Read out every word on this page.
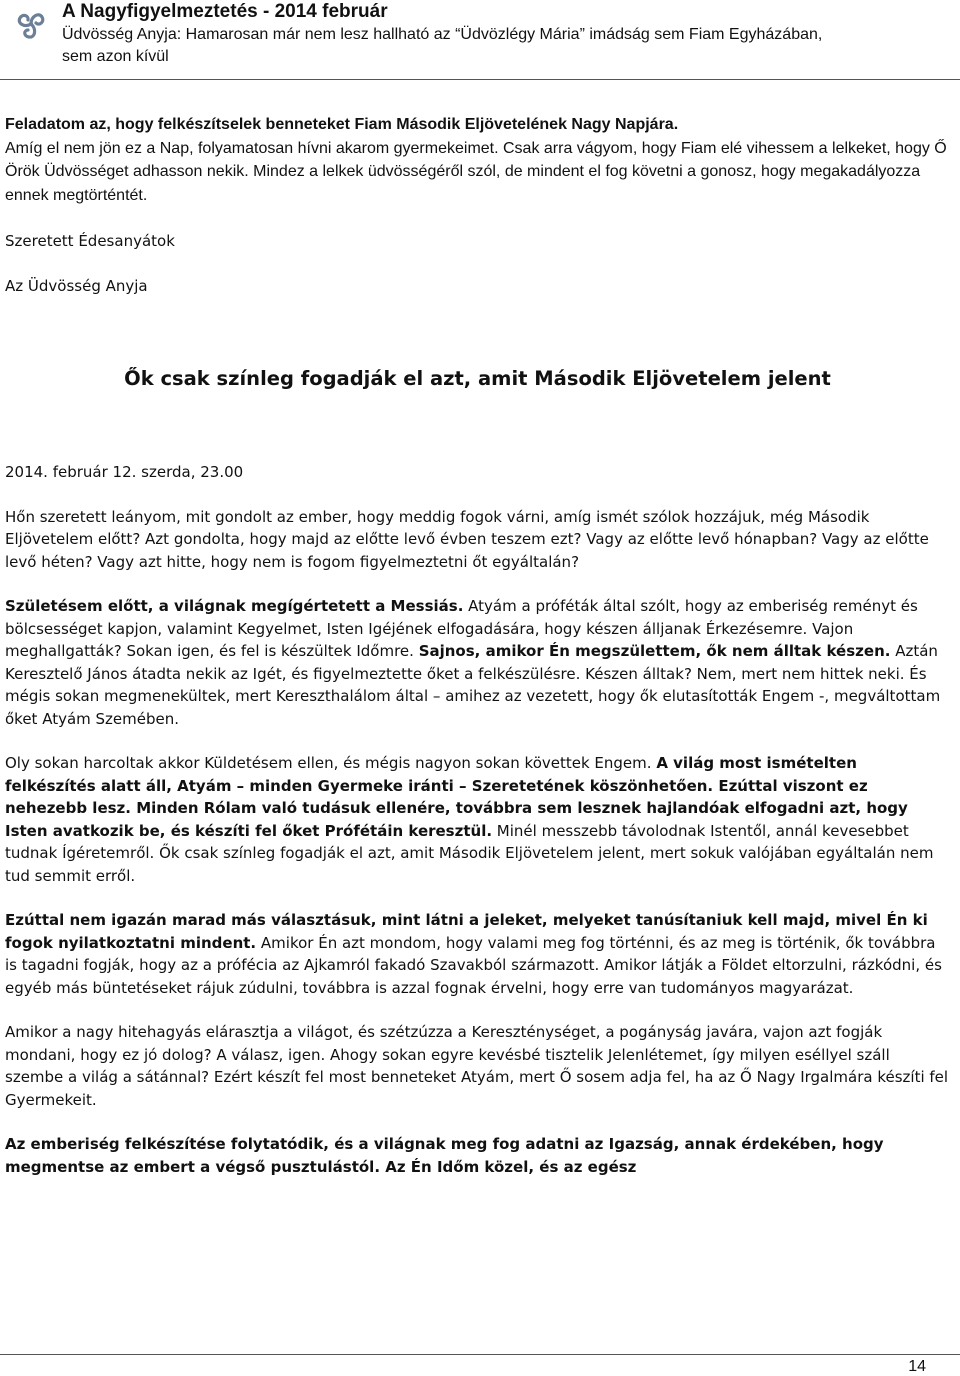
A Nagyfigyelmeztetés - 2014 február
Üdvösség Anyja: Hamarosan már nem lesz hallható az “Üdvözlégy Mária” imádság sem Fiam Egyházában,
sem azon kívül

Feladatom az, hogy felkészítselek benneteket Fiam Második Eljövetelének Nagy Napjára.
Amíg el nem jön ez a Nap, folyamatosan hívni akarom gyermekeimet. Csak arra vágyom, hogy Fiam elé vihessem a lelkeket, hogy Ő Örök Üdvösséget adhasson nekik. Mindez a lelkek üdvösségéről szól, de mindent el fog követni a gonosz, hogy megakadályozza ennek megtörténtét.

Szeretett Édesanyátok

Az Üdvösség Anyja

Ők csak színleg fogadják el azt, amit Második Eljövetelem jelent

2014. február 12. szerda, 23.00

Hőn szeretett leányom, mit gondolt az ember, hogy meddig fogok várni, amíg ismét szólok hozzájuk, még Második Eljövetelem előtt? Azt gondolta, hogy majd az előtte levő évben teszem ezt? Vagy az előtte levő hónapban? Vagy az előtte levő héten? Vagy azt hitte, hogy nem is fogom figyelmeztetni őt egyáltalán?

Születésem előtt, a világnak megígértetett a Messiás. Atyám a próféták által szólt, hogy az emberiség reményt és bölcsességet kapjon, valamint Kegyelmet, Isten Igéjének elfogadására, hogy készen álljanak Érkezésemre. Vajon meghallgatták? Sokan igen, és fel is készültek Időmre. Sajnos, amikor Én megszülettem, ők nem álltak készen. Aztán Keresztelő János átadta nekik az Igét, és figyelmeztette őket a felkészülésre. Készen álltak? Nem, mert nem hittek neki. És mégis sokan megmenekültek, mert Kereszthalálom által – amihez az vezetett, hogy ők elutasították Engem -, megváltottam őket Atyám Szemében.

Oly sokan harcoltak akkor Küldetésem ellen, és mégis nagyon sokan követtek Engem. A világ most ismételten felkészítés alatt áll, Atyám – minden Gyermeke iránti – Szeretetének köszönhetően. Ezúttal viszont ez nehezebb lesz. Minden Rólam való tudásuk ellenére, továbbra sem lesznek hajlandóak elfogadni azt, hogy Isten avatkozik be, és készíti fel őket Prófétáin keresztül. Minél messzebb távolodnak Istentől, annál kevesebbet tudnak Ígéretemről. Ők csak színleg fogadják el azt, amit Második Eljövetelem jelent, mert sokuk valójában egyáltalán nem tud semmit erről.

Ezúttal nem igazán marad más választásuk, mint látni a jeleket, melyeket tanúsítaniuk kell majd, mivel Én ki fogok nyilatkoztatni mindent. Amikor Én azt mondom, hogy valami meg fog történni, és az meg is történik, ők továbbra is tagadni fogják, hogy az a prófécia az Ajkamról fakadó Szavakból származott. Amikor látják a Földet eltorzulni, rázkódni, és egyéb más büntetéseket rájuk zúdulni, továbbra is azzal fognak érvelni, hogy erre van tudományos magyarázat.

Amikor a nagy hitehagyás elárasztja a világot, és szétzúzza a Kereszténységet, a pogányság javára, vajon azt fogják mondani, hogy ez jó dolog? A válasz, igen. Ahogy sokan egyre kevésbé tisztelik Jelenlétemet, így milyen eséllyel száll szembe a világ a sátánnal? Ezért készít fel most benneteket Atyám, mert Ő sosem adja fel, ha az Ő Nagy Irgalmára készíti fel Gyermekeit.

Az emberiség felkészítése folytatódik, és a világnak meg fog adatni az Igazság, annak érdekében, hogy megmentse az embert a végső pusztulástól. Az Én Időm közel, és az egész

14
